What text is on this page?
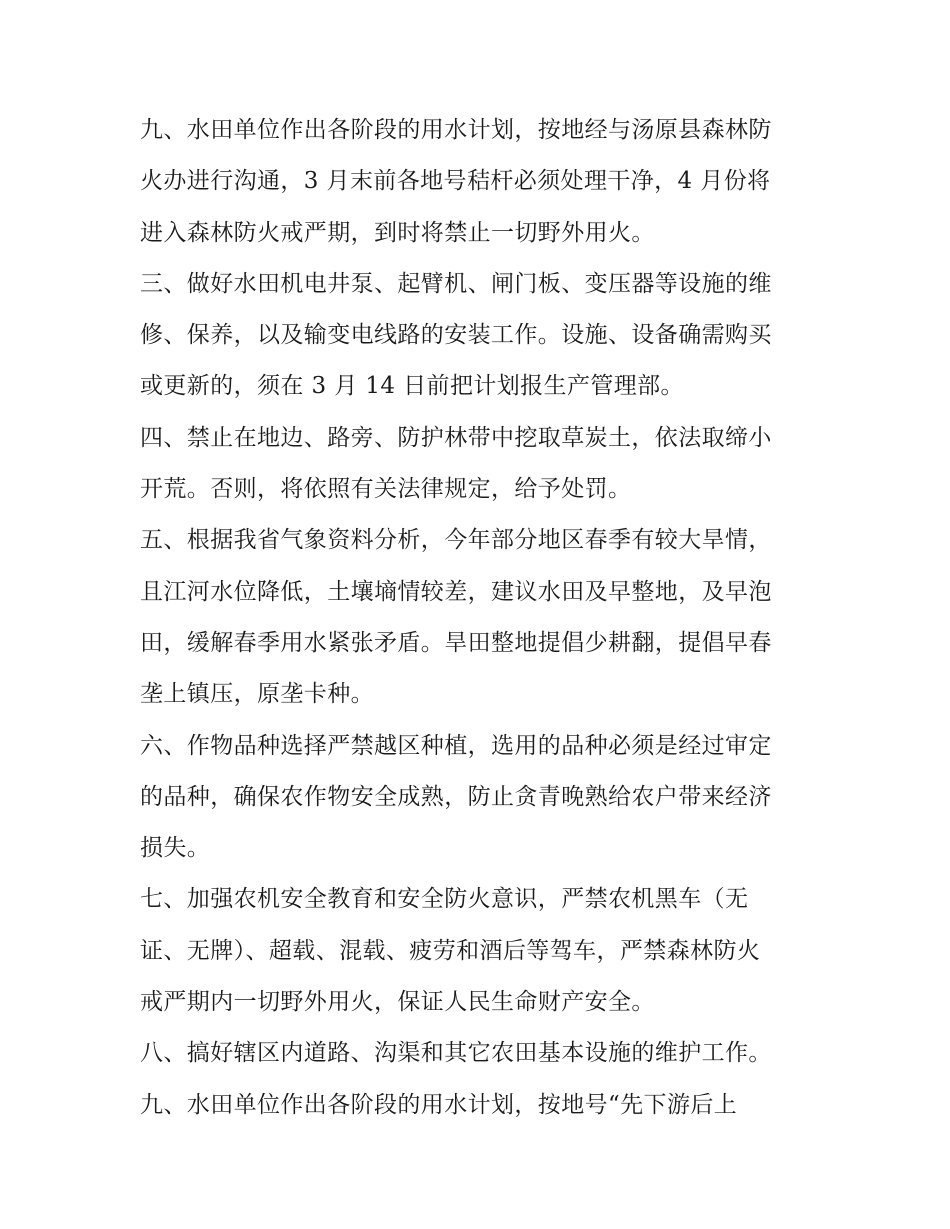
九、水田单位作出各阶段的用水计划，按地经与汤原县森林防
火办进行沟通，3 月末前各地号秸杆必须处理干净，4 月份将
进入森林防火戒严期，到时将禁止一切野外用火。
三、做好水田机电井泵、起臂机、闸门板、变压器等设施的维
修、保养，以及输变电线路的安装工作。设施、设备确需购买
或更新的，须在 3 月 14 日前把计划报生产管理部。
四、禁止在地边、路旁、防护林带中挖取草炭土，依法取缔小
开荒。否则，将依照有关法律规定，给予处罚。
五、根据我省气象资料分析，今年部分地区春季有较大旱情，
且江河水位降低，土壤墒情较差，建议水田及早整地，及早泡
田，缓解春季用水紧张矛盾。旱田整地提倡少耕翻，提倡早春
垄上镇压，原垄卡种。
六、作物品种选择严禁越区种植，选用的品种必须是经过审定
的品种，确保农作物安全成熟，防止贪青晚熟给农户带来经济
损失。
七、加强农机安全教育和安全防火意识，严禁农机黑车（无
证、无牌）、超载、混载、疲劳和酒后等驾车，严禁森林防火
戒严期内一切野外用火，保证人民生命财产安全。
八、搞好辖区内道路、沟渠和其它农田基本设施的维护工作。
九、水田单位作出各阶段的用水计划，按地号“先下游后上
